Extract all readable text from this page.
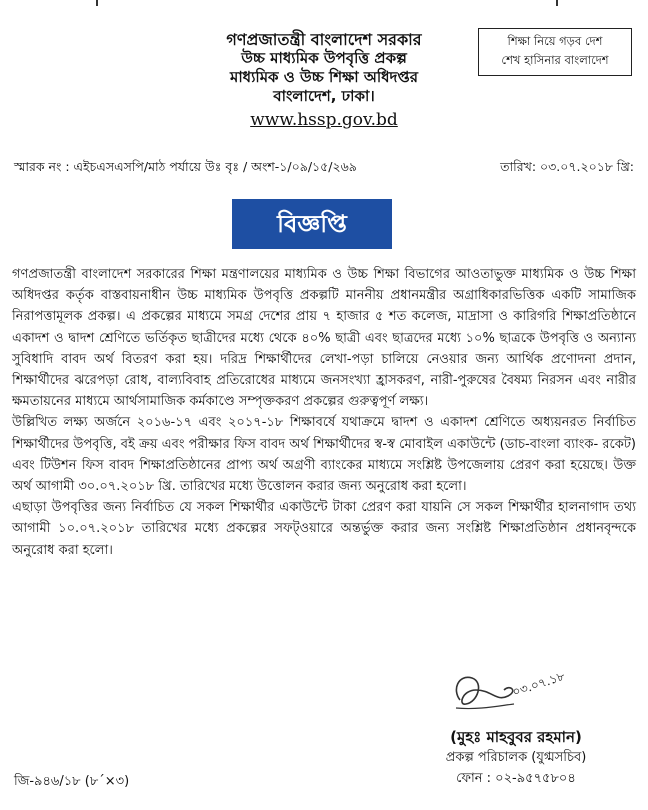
গণপ্রজাতন্ত্রী বাংলাদেশ সরকার
উচ্চ মাধ্যমিক উপবৃত্তি প্রকল্প
মাধ্যমিক ও উচ্চ শিক্ষা অধিদপ্তর
বাংলাদেশ, ঢাকা।
www.hssp.gov.bd
শিক্ষা নিয়ে গড়ব দেশ
শেখ হাসিনার বাংলাদেশ
স্মারক নং : এইচএসএসপি/মাঠ পর্যায়ে উঃ বৃঃ / অংশ-১/০৯/১৫/২৬৯	তারিখ: ০৩.০৭.২০১৮ খ্রি:
বিজ্ঞপ্তি

গণপ্রজাতন্ত্রী বাংলাদেশ সরকারের শিক্ষা মন্ত্রণালয়ের মাধ্যমিক ও উচ্চ শিক্ষা বিভাগের আওতাভুক্ত মাধ্যমিক ও উচ্চ শিক্ষা অধিদপ্তর কর্তৃক বাস্তবায়নাধীন উচ্চ মাধ্যমিক উপবৃত্তি প্রকল্পটি মাননীয় প্রধানমন্ত্রীর অগ্রাধিকারভিত্তিক একটি সামাজিক নিরাপত্তামূলক প্রকল্প। এ প্রকল্পের মাধ্যমে সমগ্র দেশের প্রায় ৭ হাজার ৫ শত কলেজ, মাদ্রাসা ও কারিগরি শিক্ষাপ্রতিষ্ঠানে একাদশ ও দ্বাদশ শ্রেণিতে ভর্তিকৃত ছাত্রীদের মধ্যে থেকে ৪০% ছাত্রী এবং ছাত্রদের মধ্যে ১০% ছাত্রকে উপবৃত্তি ও অন্যান্য সুবিধাদি বাবদ অর্থ বিতরণ করা হয়। দরিদ্র শিক্ষার্থীদের লেখা-পড়া চালিয়ে নেওয়ার জন্য আর্থিক প্রণোদনা প্রদান, শিক্ষার্থীদের ঝরেপড়া রোধ, বাল্যবিবাহ প্রতিরোধের মাধ্যমে জনসংখ্যা হ্রাসকরণ, নারী-পুরুষের বৈষম্য নিরসন এবং নারীর ক্ষমতায়নের মাধ্যমে আর্থসামাজিক কর্মকাণ্ডে সম্পৃক্তকরণ প্রকল্পের গুরুত্বপূর্ণ লক্ষ্য।

উল্লিখিত লক্ষ্য অর্জনে ২০১৬-১৭ এবং ২০১৭-১৮ শিক্ষাবর্ষে যথাক্রমে দ্বাদশ ও একাদশ শ্রেণিতে অধ্যয়নরত নির্বাচিত শিক্ষার্থীদের উপবৃত্তি, বই ক্রয় এবং পরীক্ষার ফিস বাবদ অর্থ শিক্ষার্থীদের স্ব-স্ব মোবাইল একাউন্টে (ডাচ-বাংলা ব্যাংক- রকেট) এবং টিউশন ফিস বাবদ শিক্ষাপ্রতিষ্ঠানের প্রাপ্য অর্থ অগ্রণী ব্যাংকের মাধ্যমে সংশ্লিষ্ট উপজেলায় প্রেরণ করা হয়েছে। উক্ত অর্থ আগামী ৩০.০৭.২০১৮ খ্রি. তারিখের মধ্যে উত্তোলন করার জন্য অনুরোধ করা হলো।

এছাড়া উপবৃত্তির জন্য নির্বাচিত যে সকল শিক্ষার্থীর একাউন্টে টাকা প্রেরণ করা যায়নি সে সকল শিক্ষার্থীর হালনাগাদ তথ্য আগামী ১০.০৭.২০১৮ তারিখের মধ্যে প্রকল্পের সফট্ওয়ারে অন্তর্ভুক্ত করার জন্য সংশ্লিষ্ট শিক্ষাপ্রতিষ্ঠান প্রধানবৃন্দকে অনুরোধ করা হলো।

০৩.০৭.১৮
(মুহঃ মাহবুবর রহমান)
প্রকল্প পরিচালক (যুগ্মসচিব)
ফোন : ০২-৯৫৭৫৮০৪
জি-৯৪৬/১৮ (৮´×৩)
